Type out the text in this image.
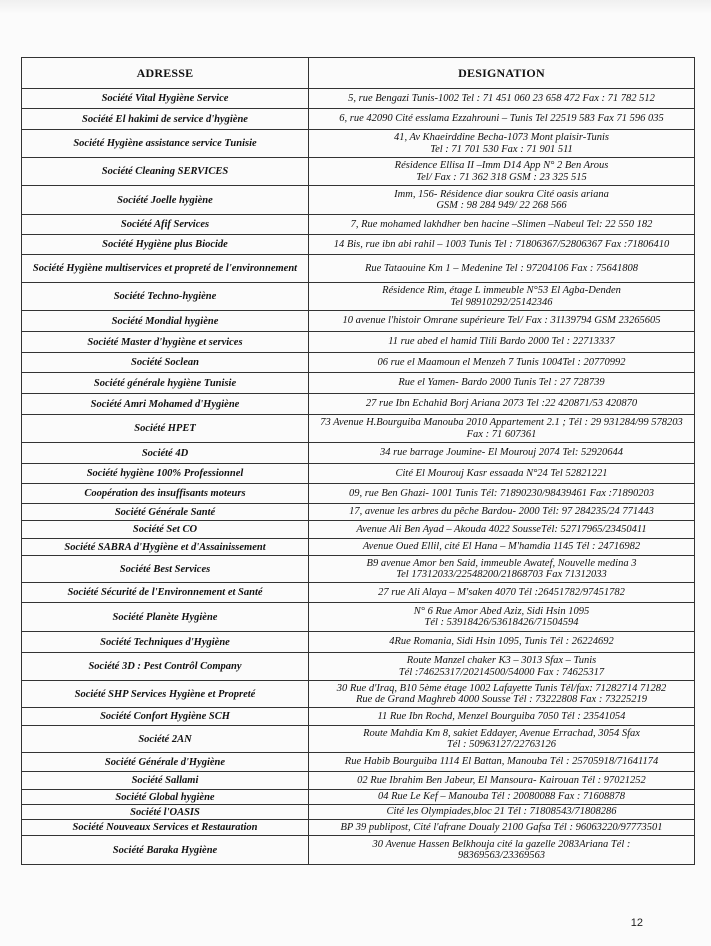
ADRESSE	DESIGNATION
Société Vital Hygiène Service	5, rue Bengazi Tunis-1002 Tel : 71 451 060 23 658 472 Fax : 71 782 512
Société El hakimi de service d'hygiène	6, rue 42090 Cité esslama Ezzahrouni – Tunis Tel 22519 583 Fax 71 596 035
Société Hygiène assistance service Tunisie	41, Av Khaeirddine Becha-1073 Mont plaisir-Tunis
Tel : 71 701 530 Fax : 71 901 511
Société Cleaning SERVICES	Résidence Ellisa II –Imm D14 App N° 2 Ben Arous
Tel/ Fax : 71 362 318 GSM : 23 325 515
Société Joelle hygiène	Imm, 156- Résidence diar soukra Cité oasis ariana
GSM : 98 284 949/ 22 268 566
Société Afif Services	7, Rue mohamed lakhdher ben hacine –Slimen –Nabeul Tel: 22 550 182
Société Hygiène plus Biocide	14 Bis, rue ibn abi rahil – 1003 Tunis Tel : 71806367/52806367 Fax :71806410
Société Hygiène multiservices et propreté de l'environnement	Rue Tataouine Km 1 – Medenine Tel : 97204106 Fax : 75641808
Société Techno-hygiène	Résidence Rim, étage L immeuble N°53 El Agba-Denden
Tel 98910292/25142346
Société Mondial hygiène	10 avenue l'histoir Omrane supérieure Tel/ Fax : 31139794 GSM 23265605
Société Master d'hygiène et services	11 rue abed el hamid Tlili Bardo 2000 Tel : 22713337
Société Soclean	06 rue el Maamoun el Menzeh 7 Tunis 1004Tel : 20770992
Société générale hygiène Tunisie	Rue el Yamen- Bardo 2000 Tunis Tel : 27 728739
Société Amri Mohamed d'Hygiène	27 rue Ibn Echahid Borj Ariana 2073 Tel :22 420871/53 420870
Société HPET	73 Avenue H.Bourguiba Manouba 2010 Appartement 2.1 ; Tél : 29 931284/99 578203
Fax : 71 607361
Société 4D	34 rue barrage Joumine- El Mourouj 2074 Tel: 52920644
Société hygiène 100% Professionnel	Cité El Mourouj Kasr essaada N°24 Tel 52821221
Coopération des insuffisants moteurs	09, rue Ben Ghazi- 1001 Tunis Tél: 71890230/98439461 Fax :71890203
Société Générale Santé	17, avenue les arbres du pêche Bardou- 2000 Tél: 97 284235/24 771443
Société Set CO	Avenue Ali Ben Ayad – Akouda 4022 SousseTél: 52717965/23450411
Société SABRA d'Hygiène et d'Assainissement	Avenue Oued Ellil, cité El Hana – M'hamdia 1145 Tél : 24716982
Société Best Services	B9 avenue Amor ben Said, immeuble Awatef, Nouvelle medina 3
Tel 17312033/22548200/21868703 Fax 71312033
Société Sécurité de l'Environnement et Santé	27 rue Ali Alaya – M'saken 4070 Tél :26451782/97451782
Société Planète Hygiène	N° 6 Rue Amor Abed Aziz, Sidi Hsin 1095
Tél : 53918426/53618426/71504594
Société Techniques d'Hygiène	4Rue Romania, Sidi Hsin 1095, Tunis Tél : 26224692
Société 3D : Pest Contrôl Company	Route Manzel chaker K3 – 3013 Sfax – Tunis
Tél :74625317/20214500/54000 Fax : 74625317
Société SHP Services Hygiène et Propreté	30 Rue d'Iraq, B10 5ème étage 1002 Lafayette Tunis Tél/fax: 71282714 71282
Rue de Grand Maghreb 4000 Sousse Tél : 73222808 Fax : 73225219
Société Confort Hygiène SCH	11 Rue Ibn Rochd, Menzel Bourguiba 7050 Tél : 23541054
Société 2AN	Route Mahdia Km 8, sakiet Eddayer, Avenue Errachad, 3054 Sfax
Tél : 50963127/22763126
Société Générale d'Hygiène	Rue Habib Bourguiba 1114 El Battan, Manouba Tél : 25705918/71641174
Société Sallami	02 Rue Ibrahim Ben Jabeur, El Mansoura- Kairouan Tél : 97021252
Société Global hygiène	04 Rue Le Kef – Manouba Tél : 20080088 Fax : 71608878
Société l'OASIS	Cité les Olympiades,bloc 21 Tél : 71808543/71808286
Société Nouveaux Services et Restauration	BP 39 publipost, Cité l'afrane Doualy 2100 Gafsa Tél : 96063220/97773501
Société Baraka Hygiène	30 Avenue Hassen Belkhouja cité la gazelle 2083Ariana Tél :
98369563/23369563
12
